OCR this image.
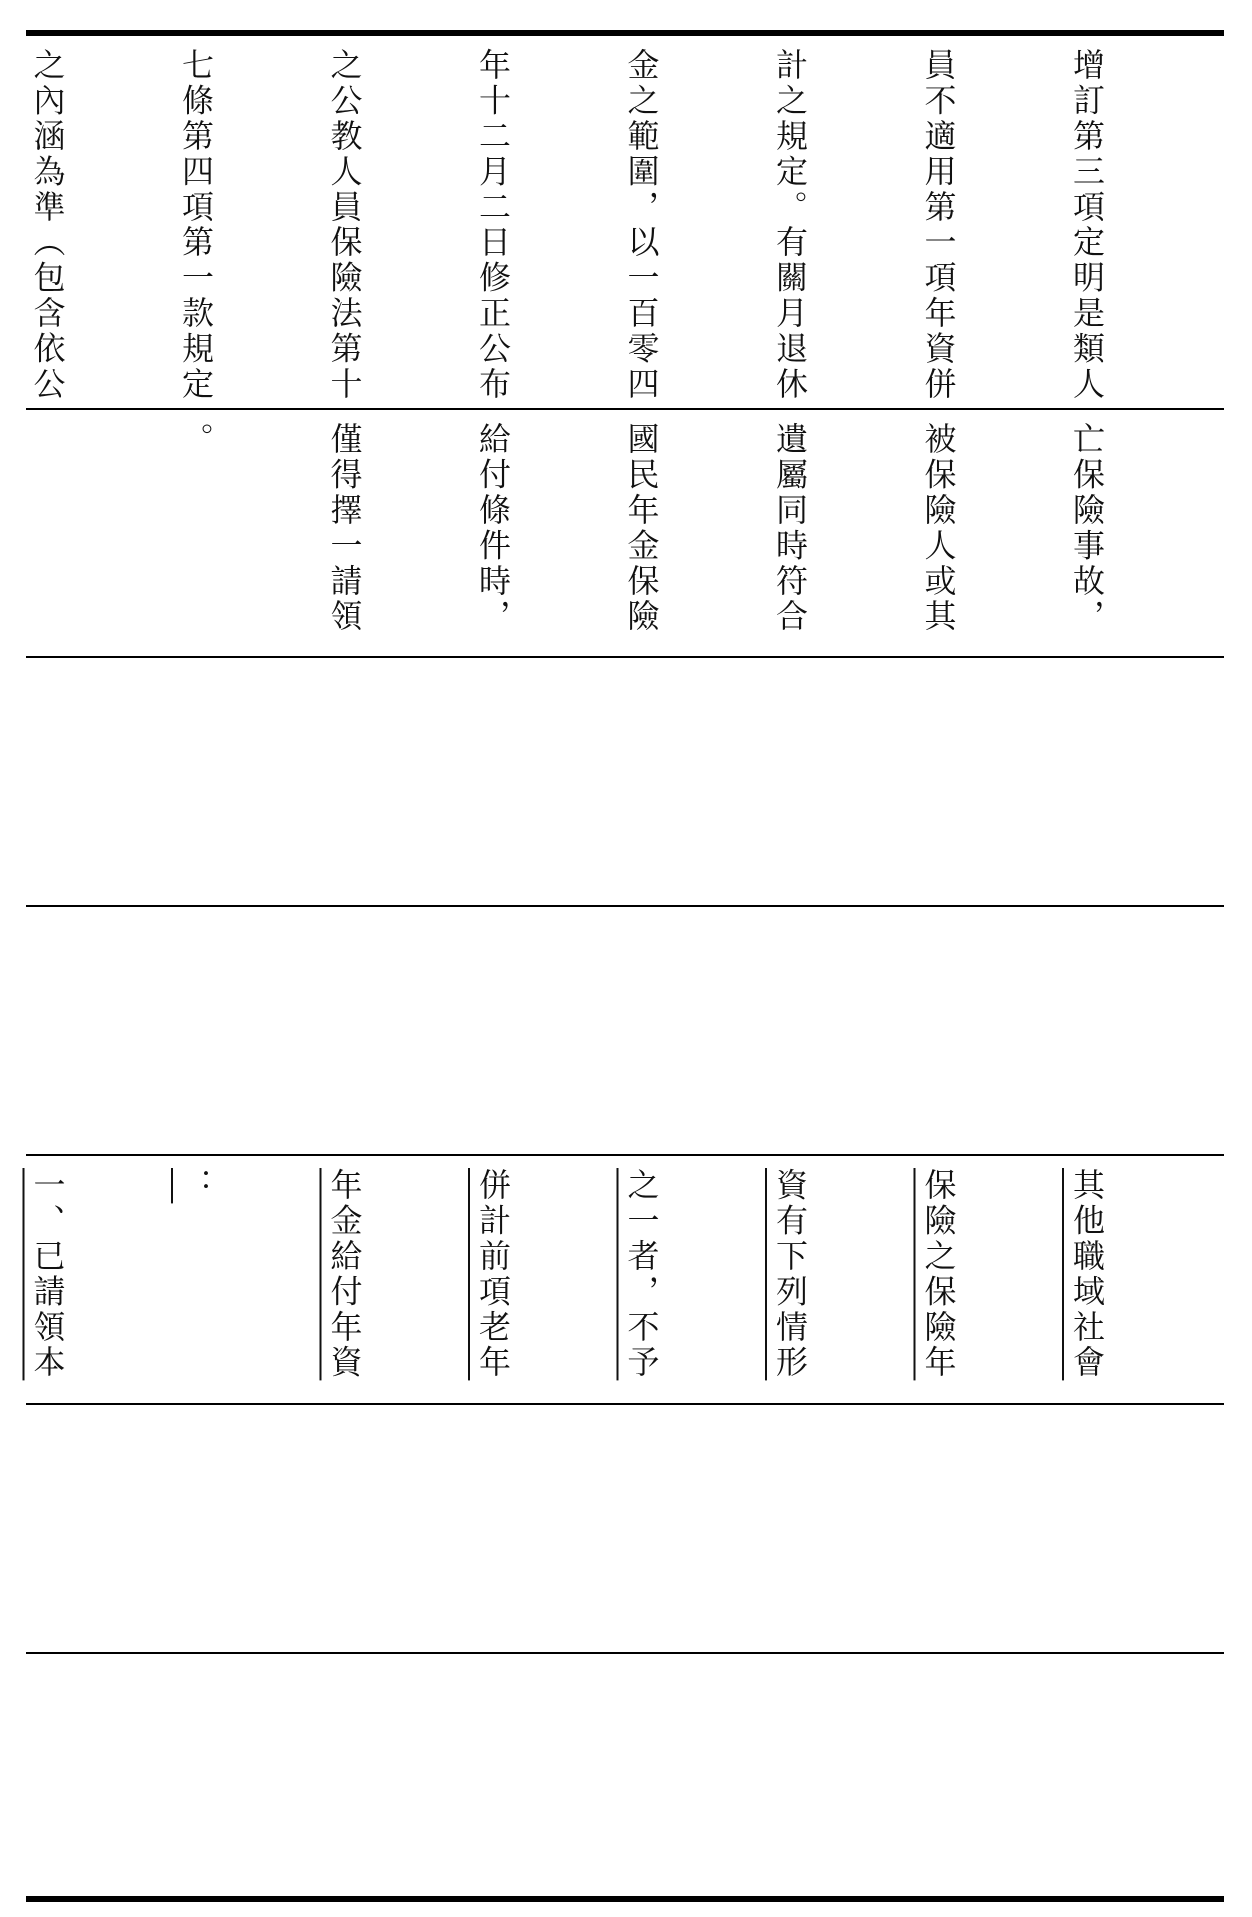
增訂第三項定明是類人

員不適用第一項年資併

計之規定。有關月退休

金之範圍，以一百零四

年十二月二日修正公布

之公教人員保險法第十

七條第四項第一款規定

之內涵為準（包含依公

亡保險事故，

被保險人或其

遺屬同時符合

國民年金保險

給付條件時，

僅得擇一請領

。

其他職域社會

保險之保險年

資有下列情形

之一者，不予

併計前項老年

年金給付年資

：

一、已請領本
